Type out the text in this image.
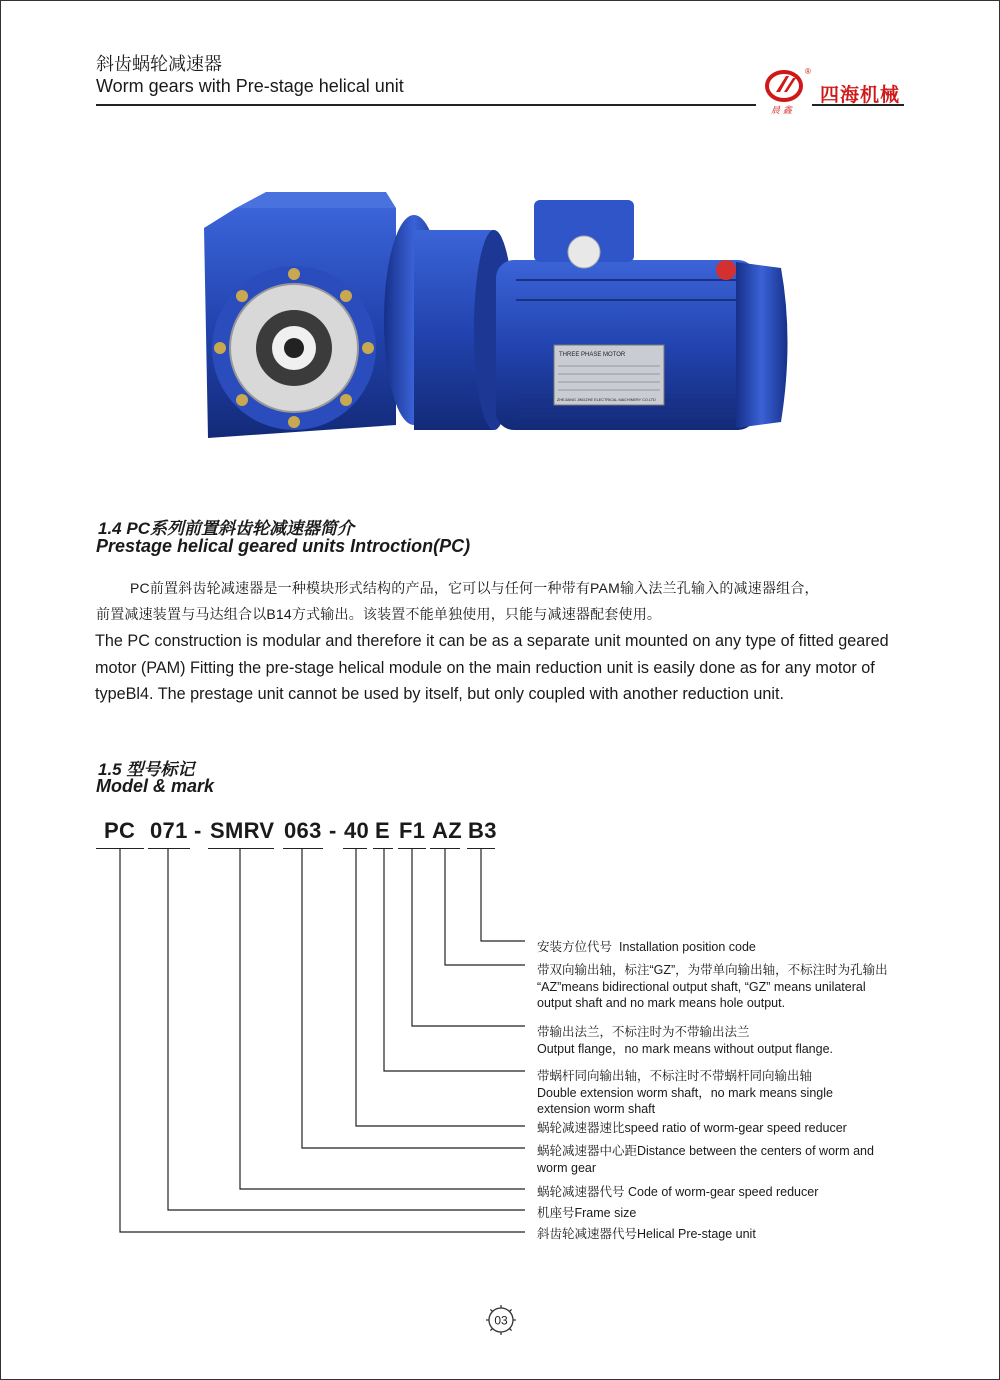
斜齿蜗轮减速器
Worm gears with Pre-stage helical unit
®
晨 鑫
四海机械
THREE PHASE MOTOR
ZHEJIANG JINGZHE ELECTRICAL MACHINERY CO.LTD
1.4 PC系列前置斜齿轮减速器简介
Prestage helical geared units Introction(PC)
PC前置斜齿轮减速器是一种模块形式结构的产品，它可以与任何一种带有PAM输入法兰孔输入的减速器组合，
前置减速装置与马达组合以B14方式输出。该装置不能单独使用，只能与减速器配套使用。
The PC construction is modular and therefore it can be as a separate unit mounted on any type of fitted geared motor (PAM) Fitting the pre-stage helical module on the main reduction unit is easily done as for any motor of typeBl4. The prestage unit cannot be used by itself, but only coupled with another reduction unit.
1.5 型号标记
Model & mark
PC 071 - SMRV 063 - 40 E F1 AZ B3
安装方位代号 Installation position code
带双向输出轴，标注“GZ”，为带单向输出轴，不标注时为孔输出
“AZ”means bidirectional output shaft, “GZ” means unilateral
output shaft and no mark means hole output.
带输出法兰，不标注时为不带输出法兰
Output flange，no mark means without output flange.
带蜗杆同向输出轴，不标注时不带蜗杆同向输出轴
Double extension worm shaft，no mark means single
extension worm shaft
蜗轮减速器速比speed ratio of worm-gear speed reducer
蜗轮减速器中心距Distance between the centers of worm and
worm gear
蜗轮减速器代号 Code of worm-gear speed reducer
机座号Frame size
斜齿轮减速器代号Helical Pre-stage unit
03
